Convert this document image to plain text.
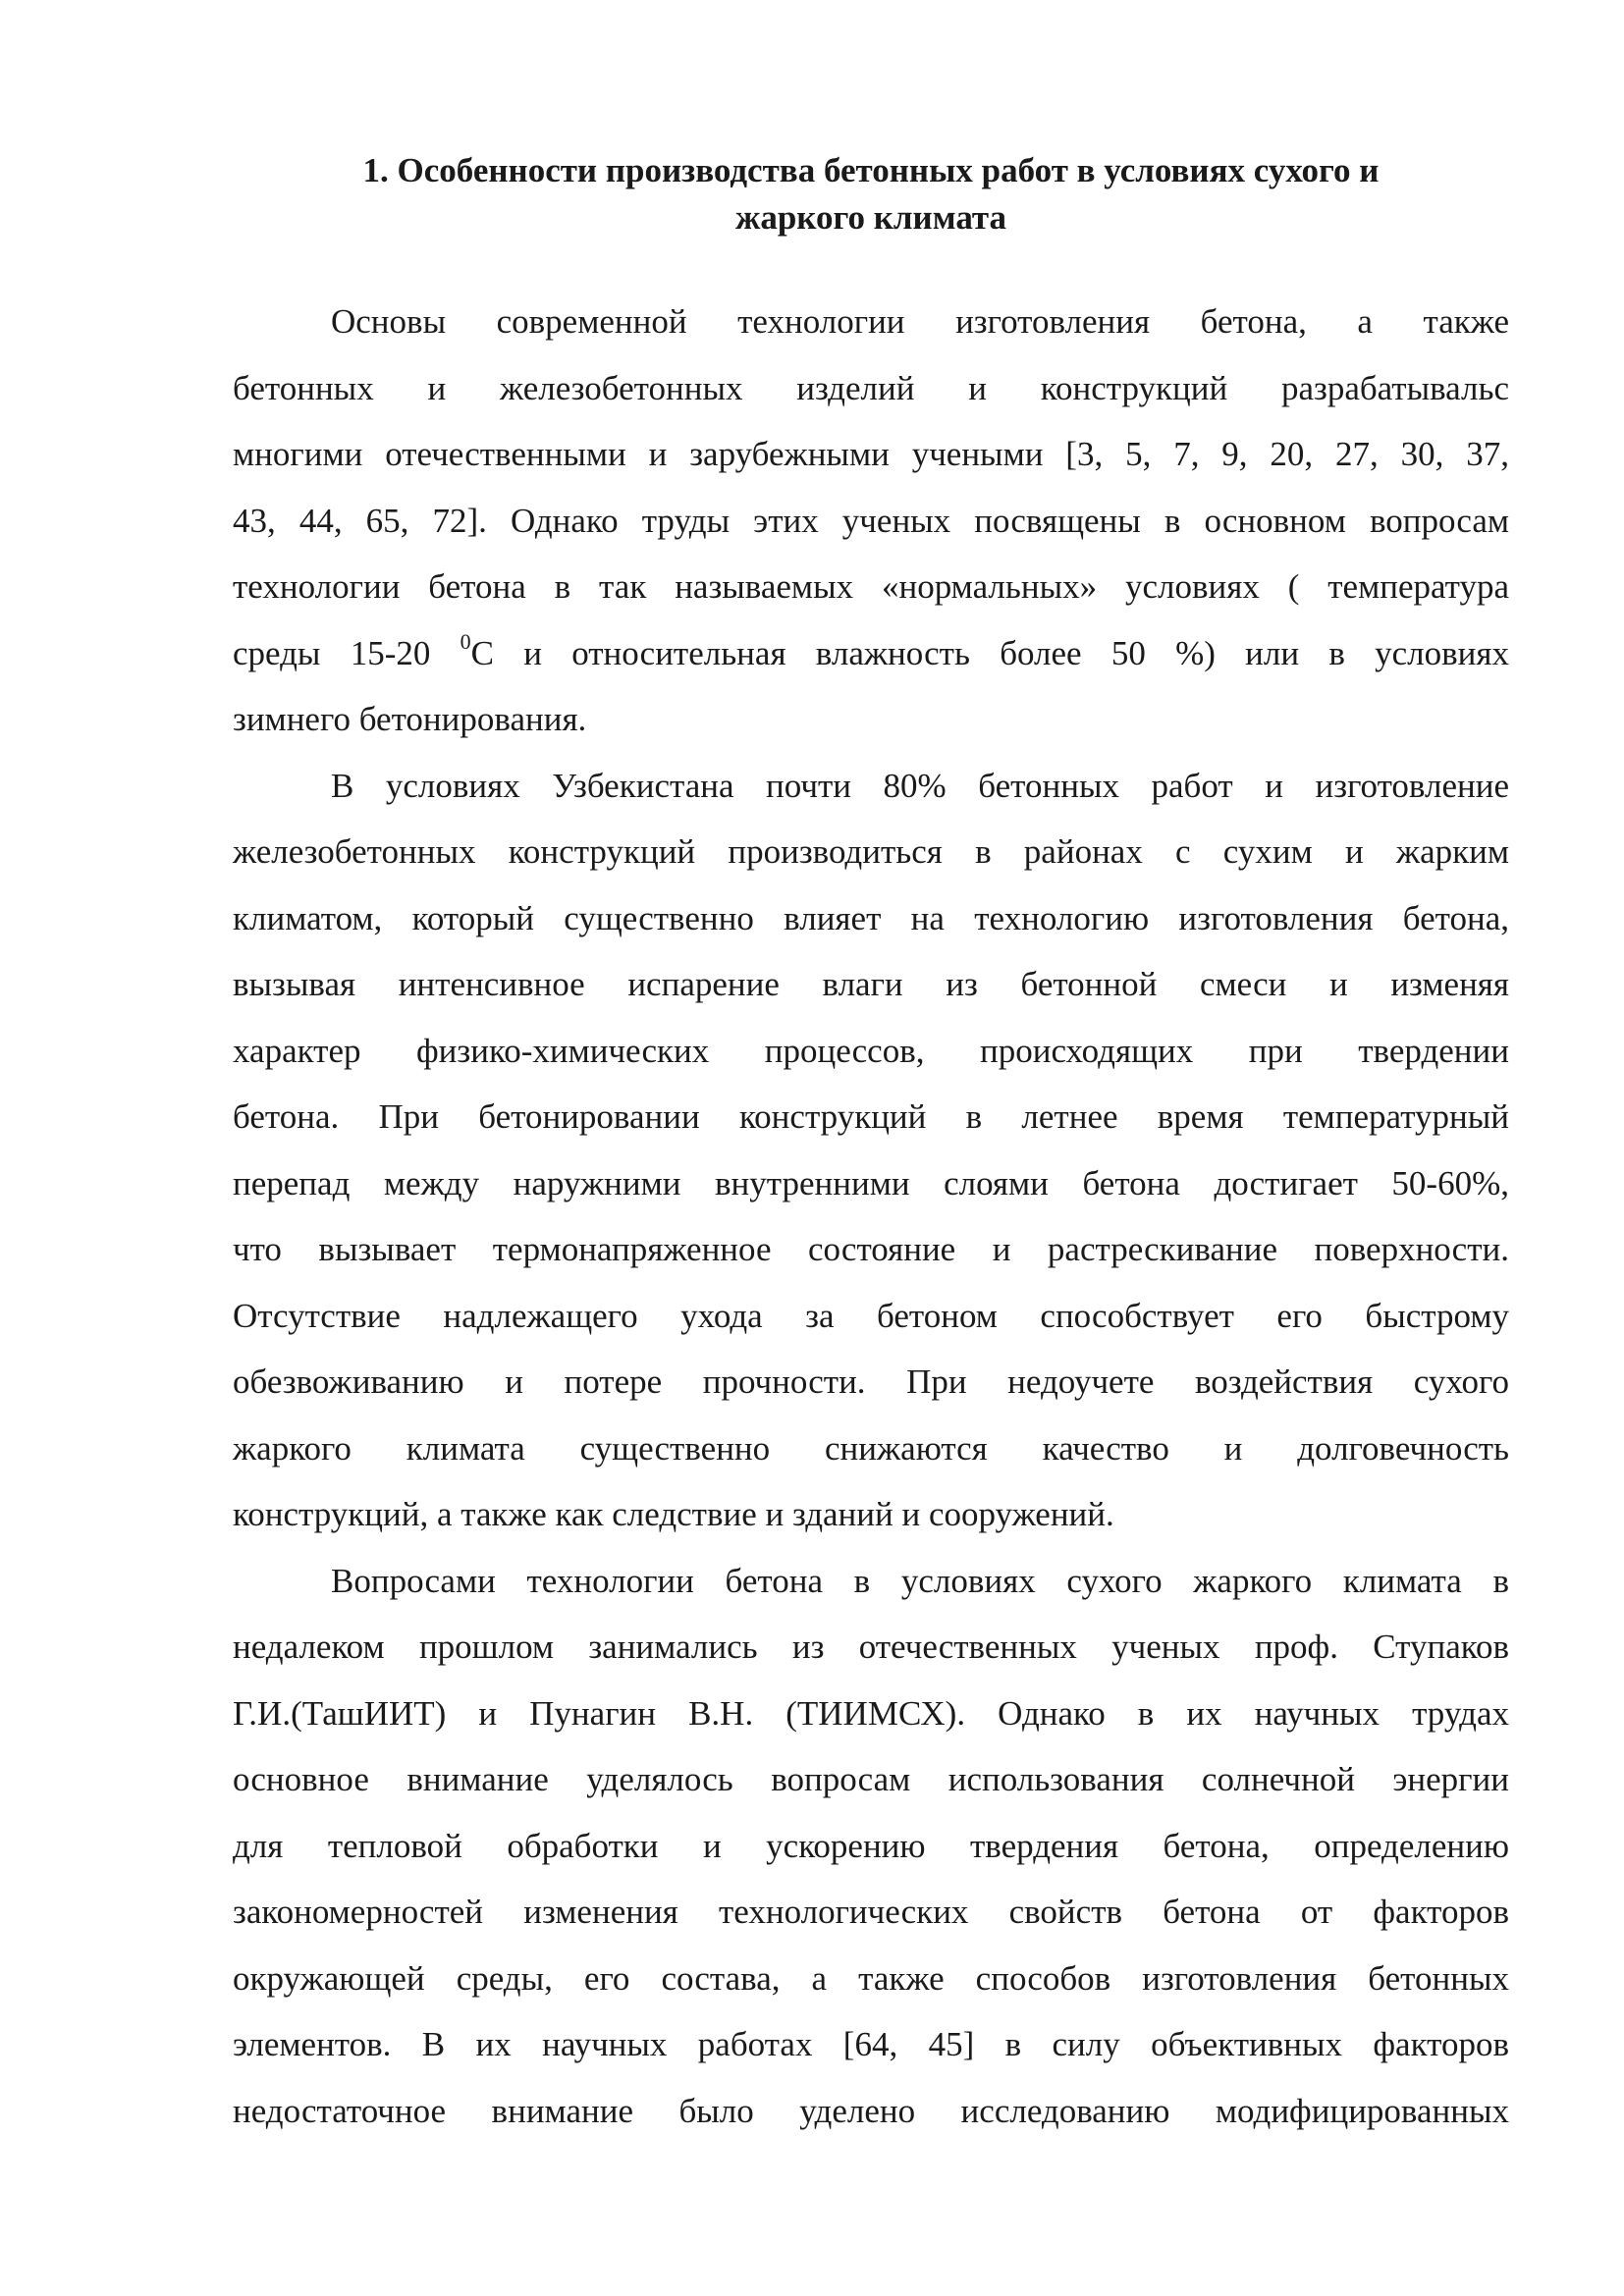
1. Особенности производства бетонных работ в условиях сухого и
жаркого климата
Основы современной технологии изготовления бетона, а также
бетонных и железобетонных изделий и конструкций разрабатывальс
многими отечественными и зарубежными учеными [3, 5, 7, 9, 20, 27, 30, 37,
43, 44, 65, 72]. Однако труды этих ученых посвящены в основном вопросам
технологии бетона в так называемых «нормальных» условиях ( температура
среды 15-20 $^0$С и относительная влажность более 50 %) или в условиях
зимнего бетонирования.
В условиях Узбекистана почти 80% бетонных работ и изготовление
железобетонных конструкций производиться в районах с сухим и жарким
климатом, который существенно влияет на технологию изготовления бетона,
вызывая интенсивное испарение влаги из бетонной смеси и изменяя
характер физико-химических процессов, происходящих при твердении
бетона. При бетонировании конструкций в летнее время температурный
перепад между наружними внутренними слоями бетона достигает 50-60%,
что вызывает термонапряженное состояние и растрескивание поверхности.
Отсутствие надлежащего ухода за бетоном способствует его быстрому
обезвоживанию и потере прочности. При недоучете воздействия сухого
жаркого климата существенно снижаются качество и долговечность
конструкций, а также как следствие и зданий и сооружений.
Вопросами технологии бетона в условиях сухого жаркого климата в
недалеком прошлом занимались из отечественных ученых проф. Ступаков
Г.И.(ТашИИТ) и Пунагин В.Н. (ТИИМСХ). Однако в их научных трудах
основное внимание уделялось вопросам использования солнечной энергии
для тепловой обработки и ускорению твердения бетона, определению
закономерностей изменения технологических свойств бетона от факторов
окружающей среды, его состава, а также способов изготовления бетонных
элементов. В их научных работах [64, 45] в силу объективных факторов
недостаточное внимание было уделено исследованию модифицированных
